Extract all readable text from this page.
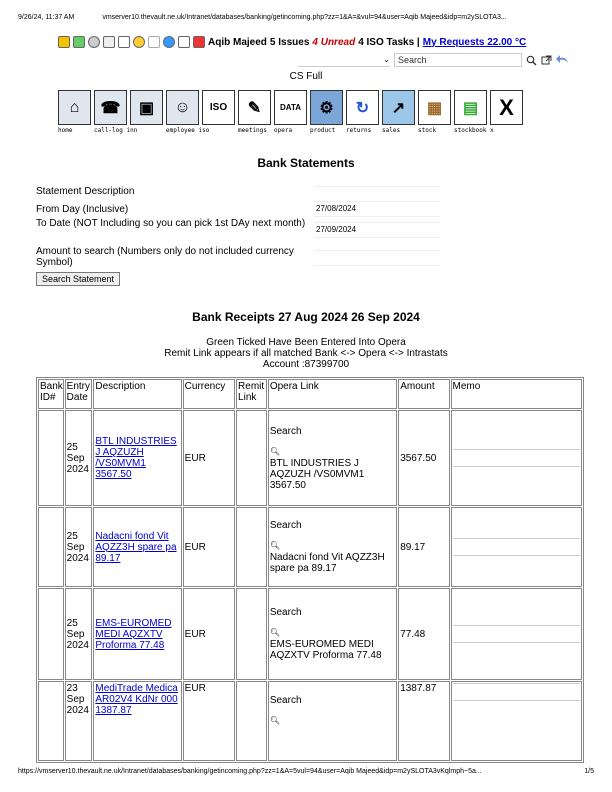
9/26/24, 11:37 AM	vmserver10.thevault.ne.uk/Intranet/databases/banking/getincoming.php?zz=1&A=&vul=94&user=Aqib Majeed&idp=m2ySLOTA3...
Aqib Majeed 5 Issues 4 Unread 4 ISO Tasks | My Requests 22.00 °C
⌄ Search
CS Full
⌂ ☎ ▣ ☺ ISO ✎ DATA ⚙ ↻ ↗ ▦ ▤ X
home	call-log inn	employee iso	meetings	opera	product	returns	sales	stock	stockbook x
Bank Statements
Statement Description
From Day (Inclusive)	27/08/2024
To Date (NOT Including so you can pick 1st DAy next month)
27/09/2024
Amount to search (Numbers only do not included currency Symbol)
Search Statement
Bank Receipts 27 Aug 2024 26 Sep 2024
Green Ticked Have Been Entered Into Opera
Remit Link appears if all matched Bank <-> Opera <-> Intrastats
Account :87399700
Bank ID#	Entry Date	Description	Currency	Remit Link	Opera Link	Amount	Memo
	25 Sep 2024	BTL INDUSTRIES J AQZUZH /VS0MVM1 3567.50	EUR		Search
🔍︎
BTL INDUSTRIES J AQZUZH /VS0MVM1 3567.50	3567.50	

	25 Sep 2024	Nadacni fond Vit AQZZ3H spare pa 89.17	EUR		Search
🔍︎
Nadacni fond Vit AQZZ3H spare pa 89.17	89.17	

	25 Sep 2024	EMS-EUROMED MEDI AQZXTV Proforma 77.48	EUR		Search
🔍︎
EMS-EUROMED MEDI AQZXTV Proforma 77.48	77.48	

	23 Sep 2024	MediTrade Medica AR02V4 KdNr 000 1387.87	EUR		Search
🔍︎	1387.87	
https://vmserver10.thevault.ne.uk/Intranet/databases/banking/getincoming.php?zz=1&A=5vul=94&user=Aqib Majeed&idp=m2ySLOTA3vKqlmph~5a...	1/5
